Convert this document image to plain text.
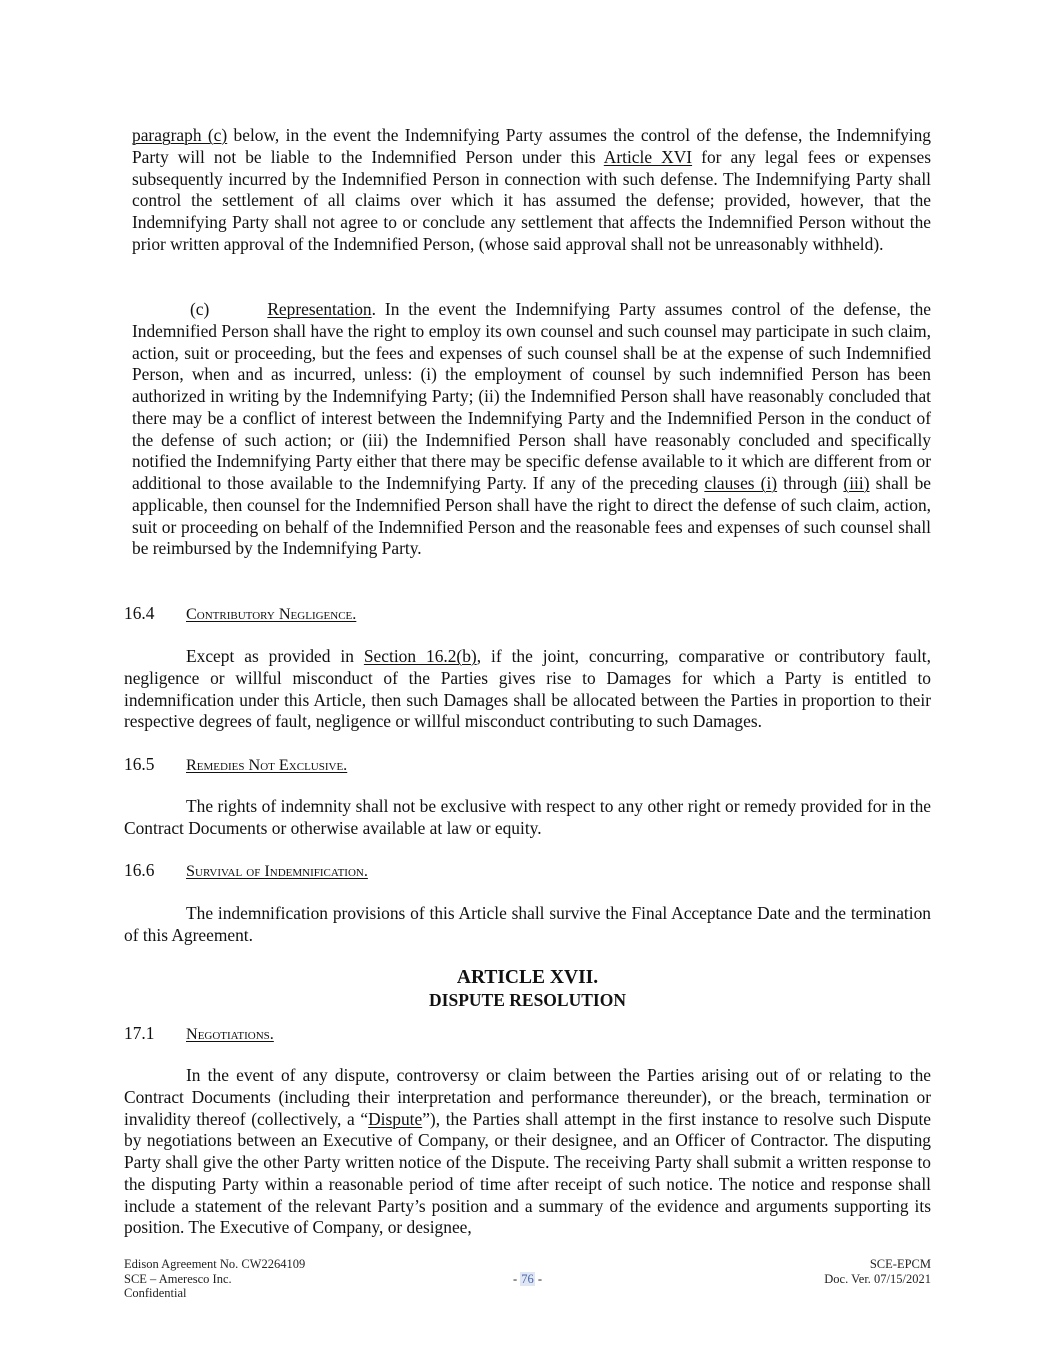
paragraph (c) below, in the event the Indemnifying Party assumes the control of the defense, the Indemnifying Party will not be liable to the Indemnified Person under this Article XVI for any legal fees or expenses subsequently incurred by the Indemnified Person in connection with such defense. The Indemnifying Party shall control the settlement of all claims over which it has assumed the defense; provided, however, that the Indemnifying Party shall not agree to or conclude any settlement that affects the Indemnified Person without the prior written approval of the Indemnified Person, (whose said approval shall not be unreasonably withheld).
(c)	Representation. In the event the Indemnifying Party assumes control of the defense, the Indemnified Person shall have the right to employ its own counsel and such counsel may participate in such claim, action, suit or proceeding, but the fees and expenses of such counsel shall be at the expense of such Indemnified Person, when and as incurred, unless: (i) the employment of counsel by such indemnified Person has been authorized in writing by the Indemnifying Party; (ii) the Indemnified Person shall have reasonably concluded that there may be a conflict of interest between the Indemnifying Party and the Indemnified Person in the conduct of the defense of such action; or (iii) the Indemnified Person shall have reasonably concluded and specifically notified the Indemnifying Party either that there may be specific defense available to it which are different from or additional to those available to the Indemnifying Party. If any of the preceding clauses (i) through (iii) shall be applicable, then counsel for the Indemnified Person shall have the right to direct the defense of such claim, action, suit or proceeding on behalf of the Indemnified Person and the reasonable fees and expenses of such counsel shall be reimbursed by the Indemnifying Party.
16.4 Contributory Negligence.
Except as provided in Section 16.2(b), if the joint, concurring, comparative or contributory fault, negligence or willful misconduct of the Parties gives rise to Damages for which a Party is entitled to indemnification under this Article, then such Damages shall be allocated between the Parties in proportion to their respective degrees of fault, negligence or willful misconduct contributing to such Damages.
16.5 Remedies Not Exclusive.
The rights of indemnity shall not be exclusive with respect to any other right or remedy provided for in the Contract Documents or otherwise available at law or equity.
16.6 Survival of Indemnification.
The indemnification provisions of this Article shall survive the Final Acceptance Date and the termination of this Agreement.
ARTICLE XVII.
DISPUTE RESOLUTION
17.1 Negotiations.
In the event of any dispute, controversy or claim between the Parties arising out of or relating to the Contract Documents (including their interpretation and performance thereunder), or the breach, termination or invalidity thereof (collectively, a “Dispute”), the Parties shall attempt in the first instance to resolve such Dispute by negotiations between an Executive of Company, or their designee, and an Officer of Contractor. The disputing Party shall give the other Party written notice of the Dispute. The receiving Party shall submit a written response to the disputing Party within a reasonable period of time after receipt of such notice. The notice and response shall include a statement of the relevant Party’s position and a summary of the evidence and arguments supporting its position. The Executive of Company, or designee,
Edison Agreement No. CW2264109
SCE – Ameresco Inc.
Confidential
- 76 -
SCE-EPCM
Doc. Ver. 07/15/2021
